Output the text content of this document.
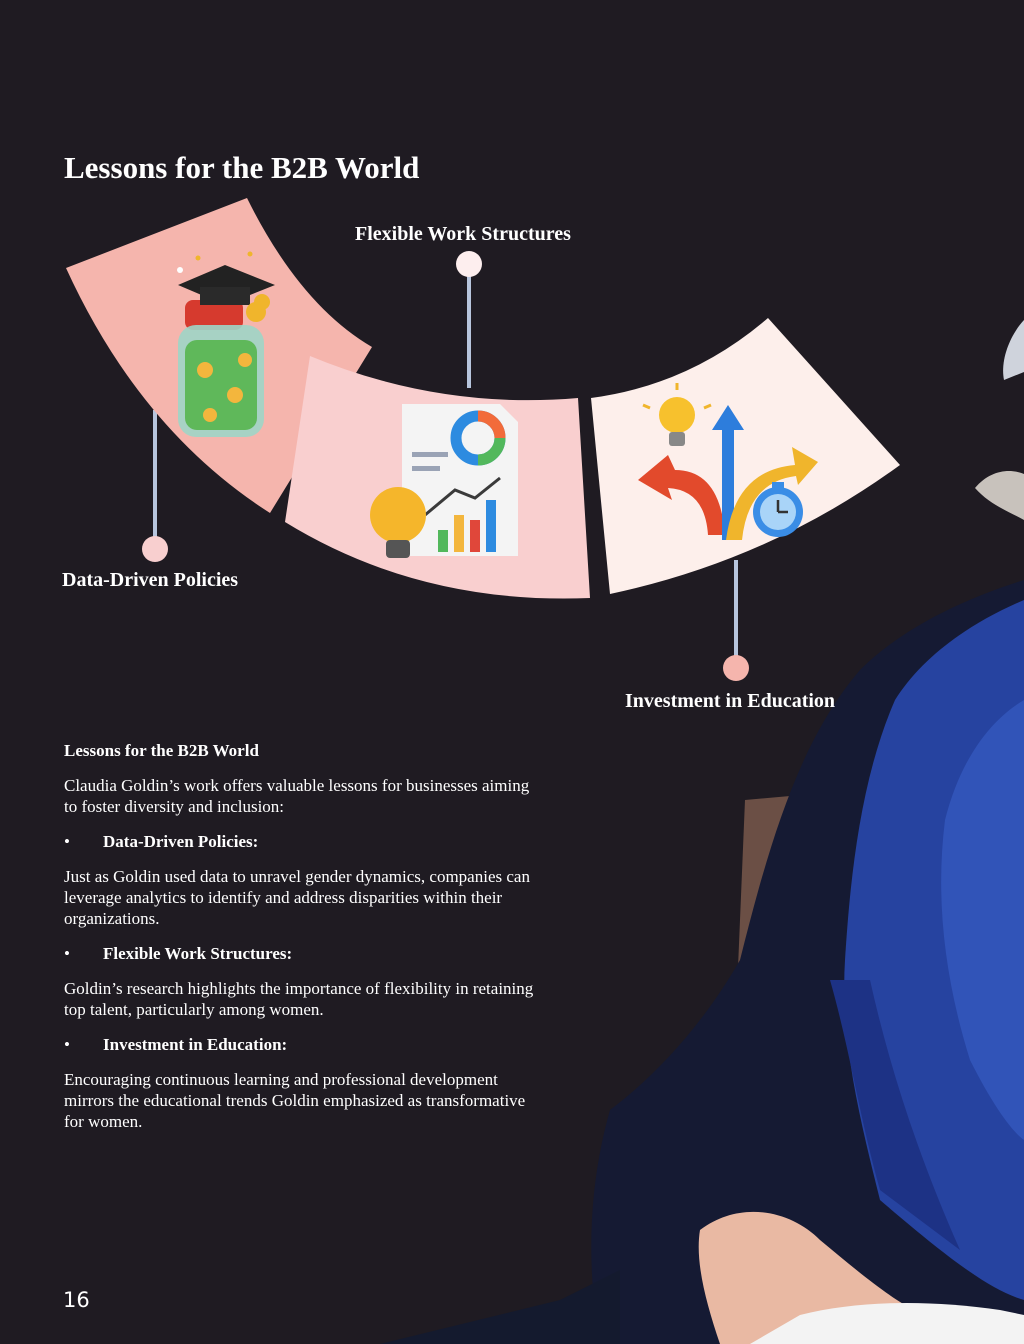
Lessons for the B2B World
Flexible Work Structures
Data-Driven Policies
Investment in Education
Lessons for the B2B World

Claudia Goldin’s work offers valuable lessons for businesses aiming to foster diversity and inclusion:

•	Data-Driven Policies:

Just as Goldin used data to unravel gender dynamics, companies can leverage analytics to identify and address disparities within their organizations.

•	Flexible Work Structures:

Goldin’s research highlights the importance of flexibility in retaining top talent, particularly among women.

•	Investment in Education:

Encouraging continuous learning and professional development mirrors the educational trends Goldin emphasized as transformative for women.

16
